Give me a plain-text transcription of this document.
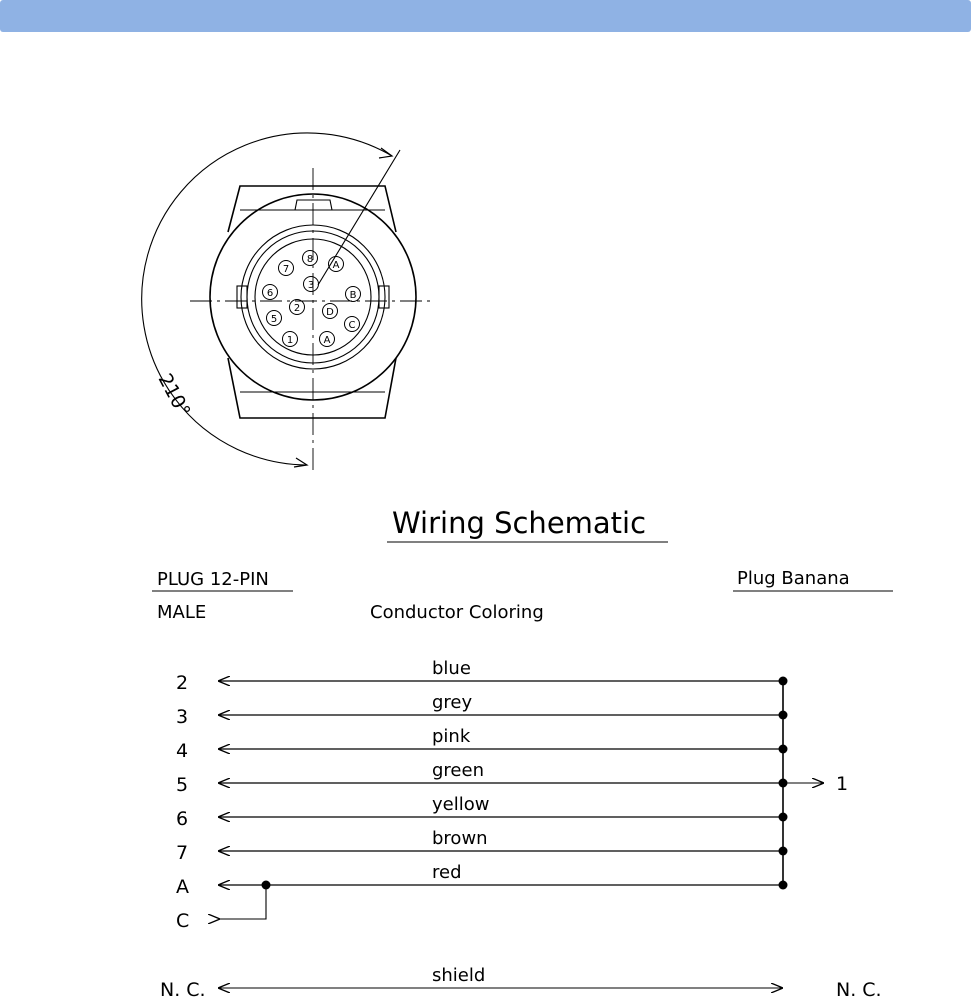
210°
7
8
A
3
6	B
2	D
5
C
1	A
Wiring Schematic
PLUG 12-PIN
MALE	Conductor Coloring
Plug Banana
2
blue
3
grey
4
pink
5
green
6
yellow
7
brown
A
red
1
C
N. C.
shield
N. C.
